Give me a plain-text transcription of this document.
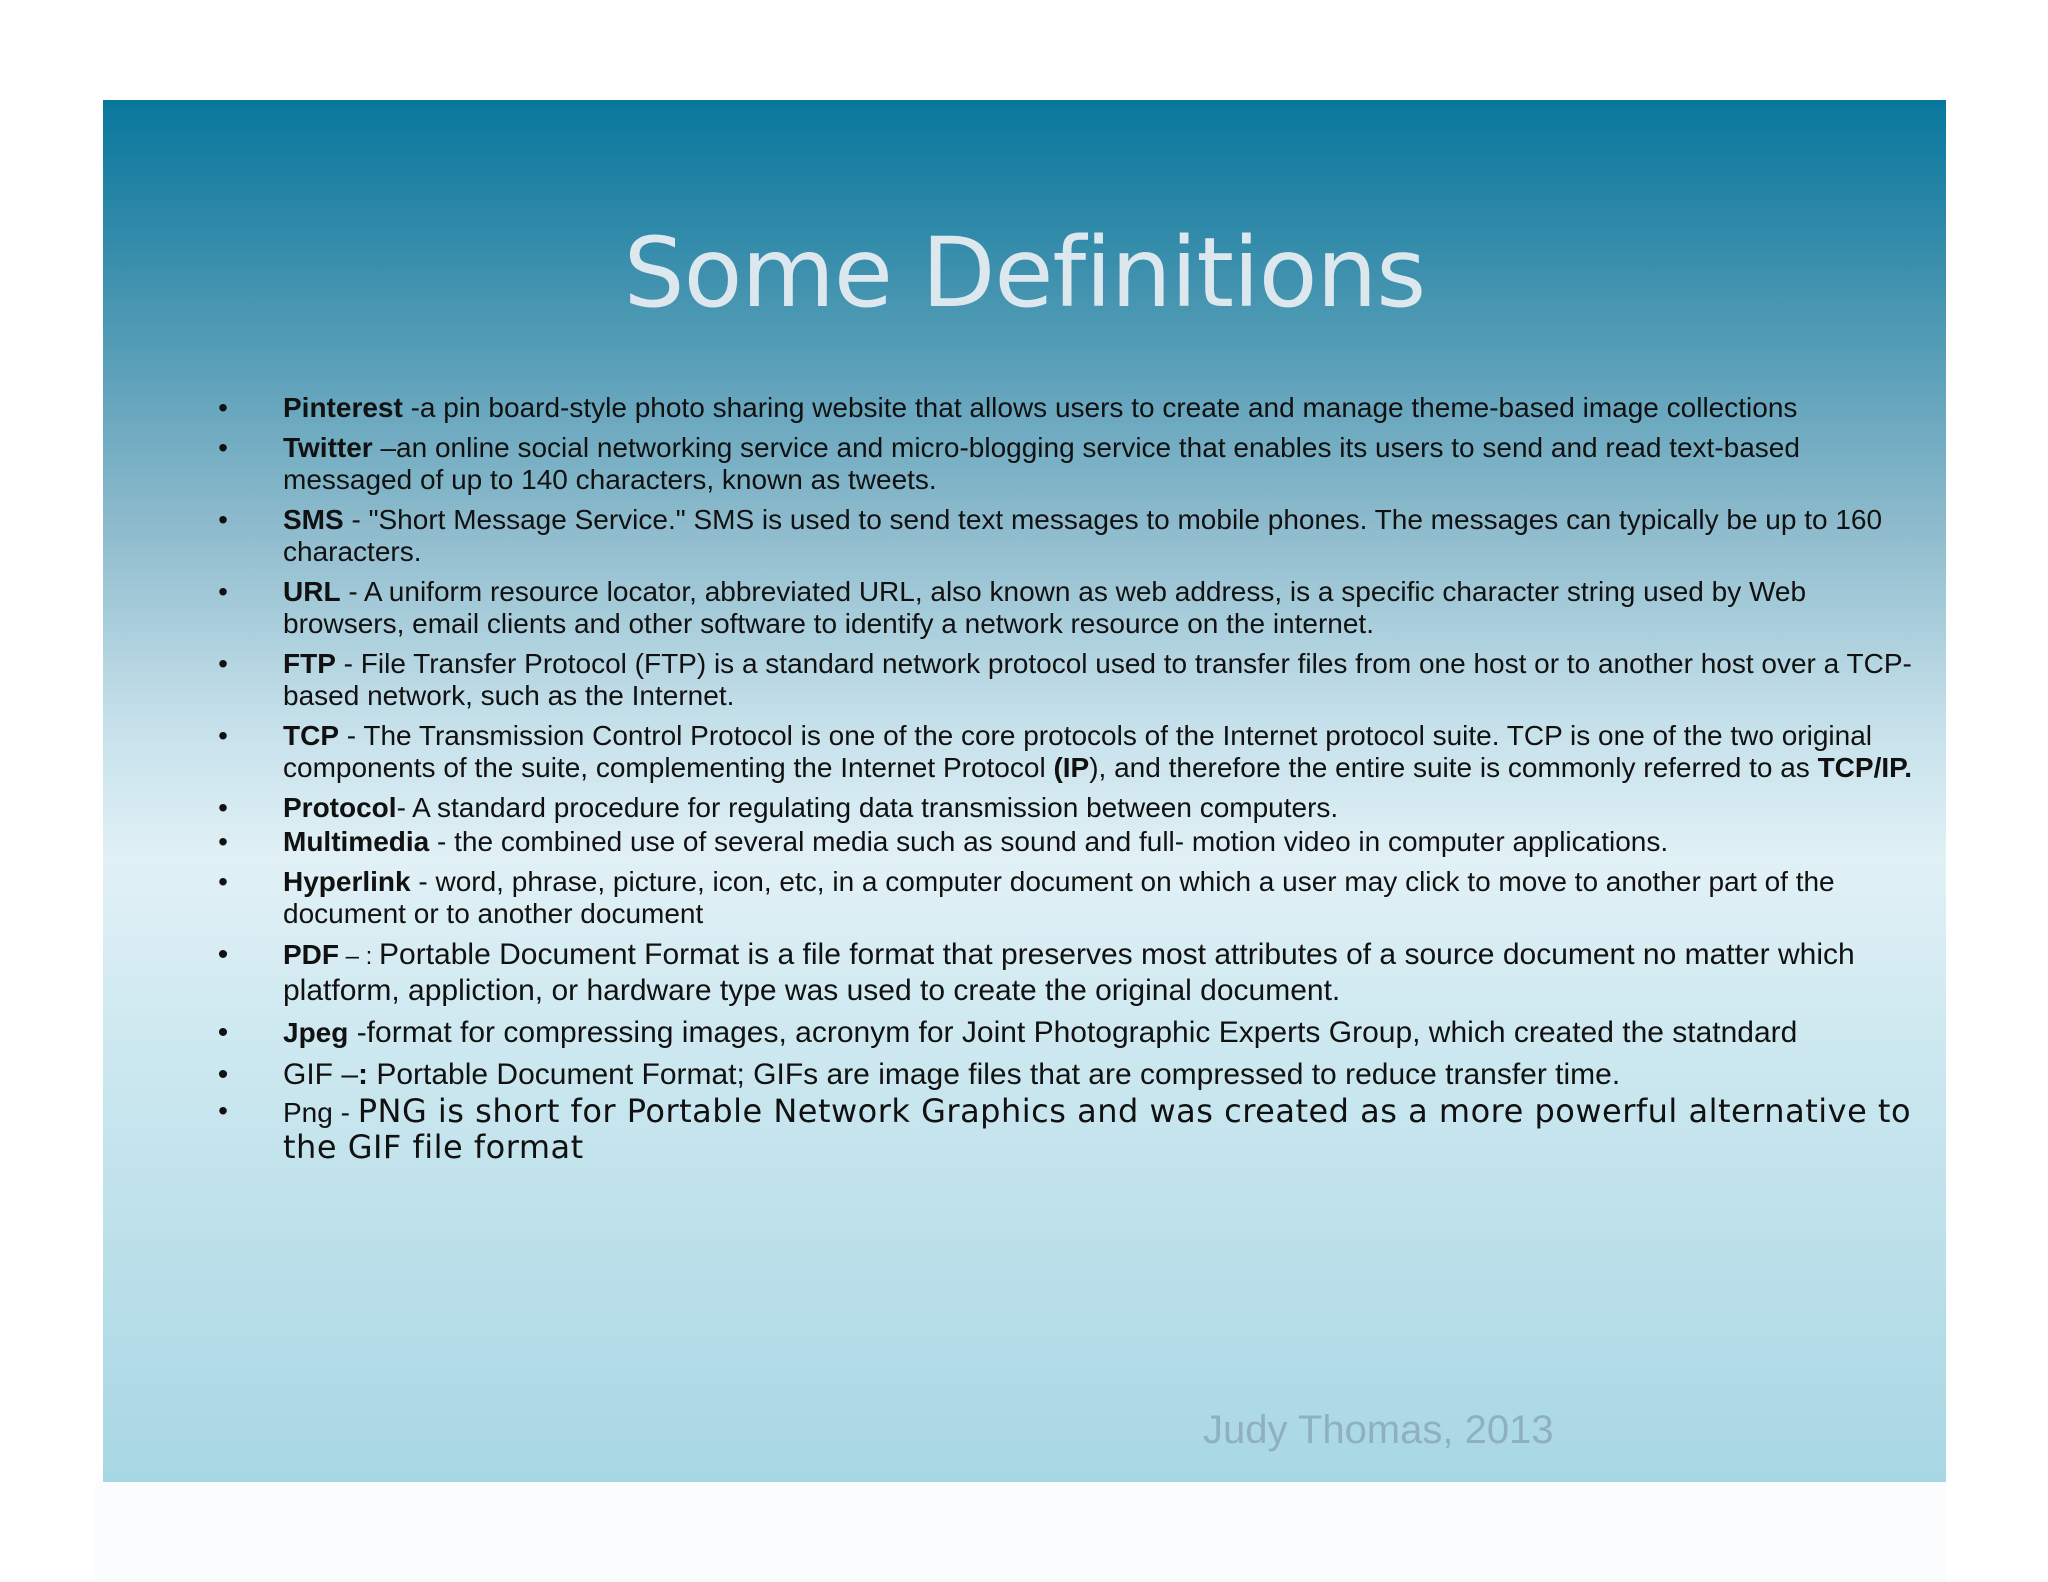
Some Definitions
• Pinterest -a pin board-style photo sharing website that allows users to create and manage theme-based image collections
• Twitter –an online social networking service and micro-blogging service that enables its users to send and read text-based messaged of up to 140 characters, known as tweets.
• SMS - "Short Message Service." SMS is used to send text messages to mobile phones. The messages can typically be up to 160 characters.
• URL - A uniform resource locator, abbreviated URL, also known as web address, is a specific character string used by Web browsers, email clients and other software to identify a network resource on the internet.
• FTP - File Transfer Protocol (FTP) is a standard network protocol used to transfer files from one host or to another host over a TCP-based network, such as the Internet.
• TCP - The Transmission Control Protocol is one of the core protocols of the Internet protocol suite. TCP is one of the two original components of the suite, complementing the Internet Protocol (IP), and therefore the entire suite is commonly referred to as TCP/IP.
• Protocol- A standard procedure for regulating data transmission between computers.
• Multimedia - the combined use of several media such as sound and full- motion video in computer applications.
• Hyperlink - word, phrase, picture, icon, etc, in a computer document on which a user may click to move to another part of the document or to another document
• PDF – : Portable Document Format is a file format that preserves most attributes of a source document no matter which platform, appliction, or hardware type was used to create the original document.
• Jpeg -format for compressing images, acronym for Joint Photographic Experts Group, which created the statndard
• GIF –: Portable Document Format; GIFs are image files that are compressed to reduce transfer time.
• Png - PNG is short for Portable Network Graphics and was created as a more powerful alternative to the GIF file format
Judy Thomas, 2013
